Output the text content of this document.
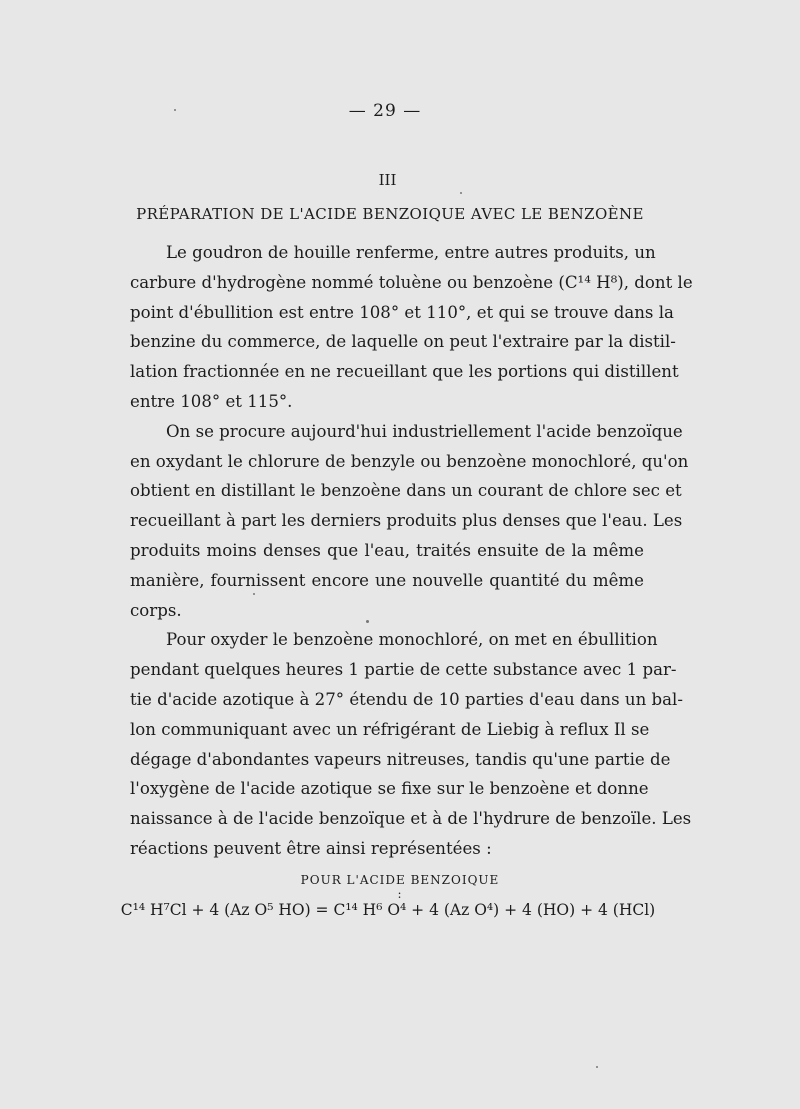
— 29 —
III
PRÉPARATION DE L'ACIDE BENZOIQUE AVEC LE BENZOÈNE
Le goudron de houille renferme, entre autres produits, un
carbure d'hydrogène nommé toluène ou benzoène (C¹⁴ H⁸), dont le
point d'ébullition est entre 108° et 110°, et qui se trouve dans la
benzine du commerce, de laquelle on peut l'extraire par la distil-
lation fractionnée en ne recueillant que les portions qui distillent
entre 108° et 115°.
On se procure aujourd'hui industriellement l'acide benzoïque
en oxydant le chlorure de benzyle ou benzoène monochloré, qu'on
obtient en distillant le benzoène dans un courant de chlore sec et
recueillant à part les derniers produits plus denses que l'eau. Les
produits moins denses que l'eau, traités ensuite de la même
manière, fournissent encore une nouvelle quantité du même
corps.
Pour oxyder le benzoène monochloré, on met en ébullition
pendant quelques heures 1 partie de cette substance avec 1 par-
tie d'acide azotique à 27° étendu de 10 parties d'eau dans un bal-
lon communiquant avec un réfrigérant de Liebig à reflux Il se
dégage d'abondantes vapeurs nitreuses, tandis qu'une partie de
l'oxygène de l'acide azotique se fixe sur le benzoène et donne
naissance à de l'acide benzoïque et à de l'hydrure de benzoïle. Les
réactions peuvent être ainsi représentées :
POUR L'ACIDE BENZOIQUE :
C¹⁴ H⁷Cl + 4 (Az O⁵ HO) = C¹⁴ H⁶ O⁴ + 4 (Az O⁴) + 4 (HO) + 4 (HCl)
